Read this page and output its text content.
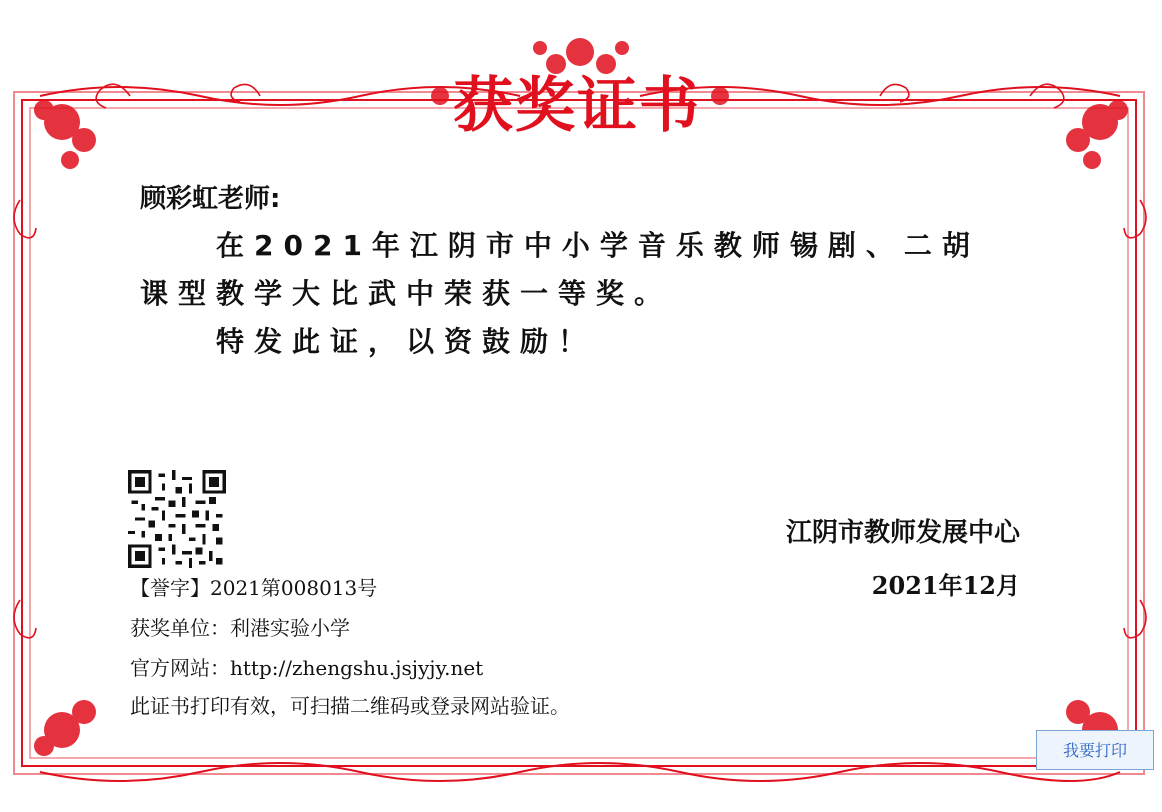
获奖证书
顾彩虹老师:

在2021年江阴市中小学音乐教师锡剧、二胡课型教学大比武中荣获一等奖。

特发此证，以资鼓励！

【誉字】2021第008013号
获奖单位：利港实验小学
官方网站：http://zhengshu.jsjyjy.net
此证书打印有效，可扫描二维码或登录网站验证。
江阴市教师发展中心
2021年12月
我要打印
